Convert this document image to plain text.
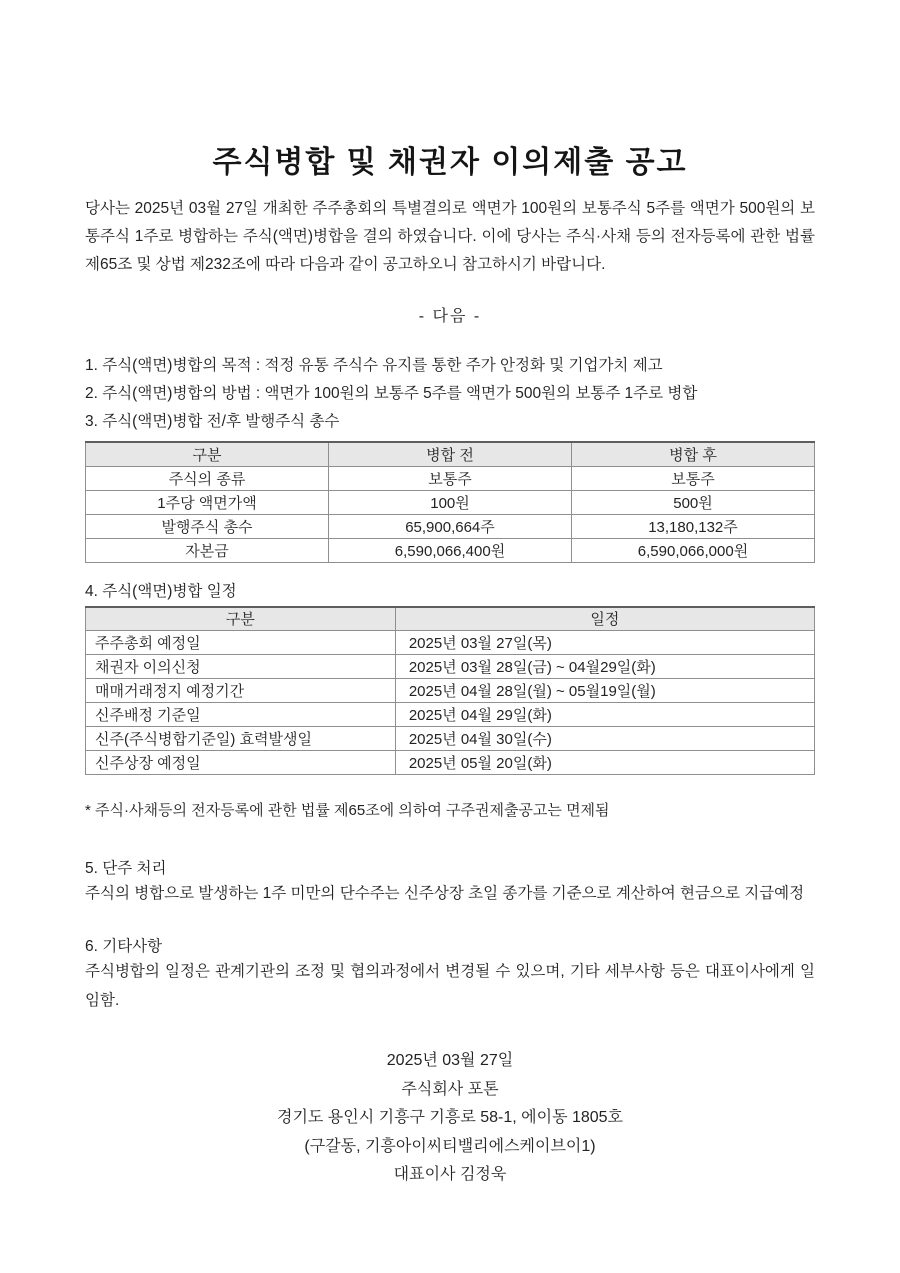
주식병합 및 채권자 이의제출 공고

당사는 2025년 03월 27일 개최한 주주총회의 특별결의로 액면가 100원의 보통주식 5주를 액면가 500원의 보통주식 1주로 병합하는 주식(액면)병합을 결의 하였습니다. 이에 당사는 주식·사채 등의 전자등록에 관한 법률 제65조 및 상법 제232조에 따라 다음과 같이 공고하오니 참고하시기 바랍니다.

- 다음 -
1. 주식(액면)병합의 목적 : 적정 유통 주식수 유지를 통한 주가 안정화 및 기업가치 제고
2. 주식(액면)병합의 방법 : 액면가 100원의 보통주 5주를 액면가 500원의 보통주 1주로 병합
3. 주식(액면)병합 전/후 발행주식 총수
구분	병합 전	병합 후
주식의 종류	보통주	보통주
1주당 액면가액	100원	500원
발행주식 총수	65,900,664주	13,180,132주
자본금	6,590,066,400원	6,590,066,000원
4. 주식(액면)병합 일정
구분	일정
주주총회 예정일	2025년 03월 27일(목)
채권자 이의신청	2025년 03월 28일(금) ~ 04월29일(화)
매매거래정지 예정기간	2025년 04월 28일(월) ~ 05월19일(월)
신주배정 기준일	2025년 04월 29일(화)
신주(주식병합기준일) 효력발생일	2025년 04월 30일(수)
신주상장 예정일	2025년 05월 20일(화)
* 주식·사채등의 전자등록에 관한 법률 제65조에 의하여 구주권제출공고는 면제됨
5. 단주 처리

주식의 병합으로 발생하는 1주 미만의 단수주는 신주상장 초일 종가를 기준으로 계산하여 현금으로 지급예정

6. 기타사항

주식병합의 일정은 관계기관의 조정 및 협의과정에서 변경될 수 있으며, 기타 세부사항 등은 대표이사에게 일임함.

2025년 03월 27일
주식회사 포톤
경기도 용인시 기흥구 기흥로 58-1, 에이동 1805호
(구갈동, 기흥아이씨티밸리에스케이브이1)
대표이사 김정욱
